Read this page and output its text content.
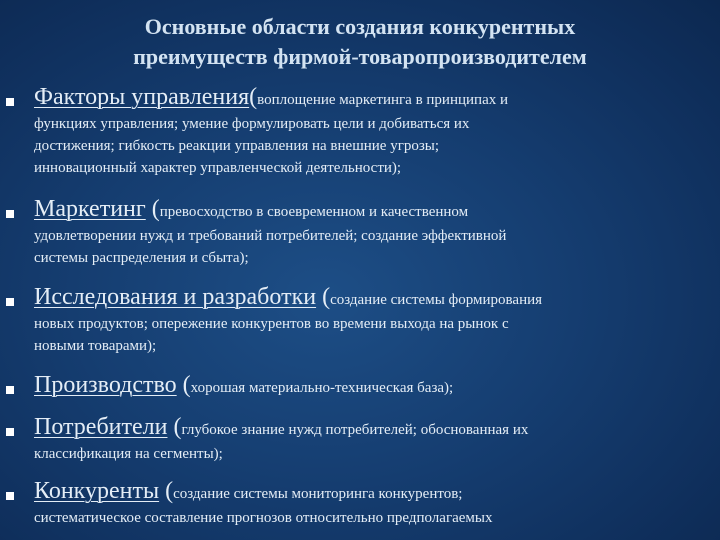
Основные области создания конкурентных
преимуществ фирмой-товаропроизводителем
Факторы управления(воплощение маркетинга в принципах и
функциях управления; умение формулировать цели и добиваться их
достижения; гибкость реакции управления на внешние угрозы;
инновационный характер управленческой деятельности);
Маркетинг (превосходство в своевременном и качественном
удовлетворении нужд и требований потребителей; создание эффективной
системы распределения и сбыта);
Исследования и разработки (создание системы формирования
новых продуктов; опережение конкурентов во времени выхода на рынок с
новыми товарами);
Производство (хорошая материально-техническая база);
Потребители (глубокое знание нужд потребителей; обоснованная их
классификация на сегменты);
Конкуренты (создание системы мониторинга конкурентов;
систематическое составление прогнозов относительно предполагаемых
